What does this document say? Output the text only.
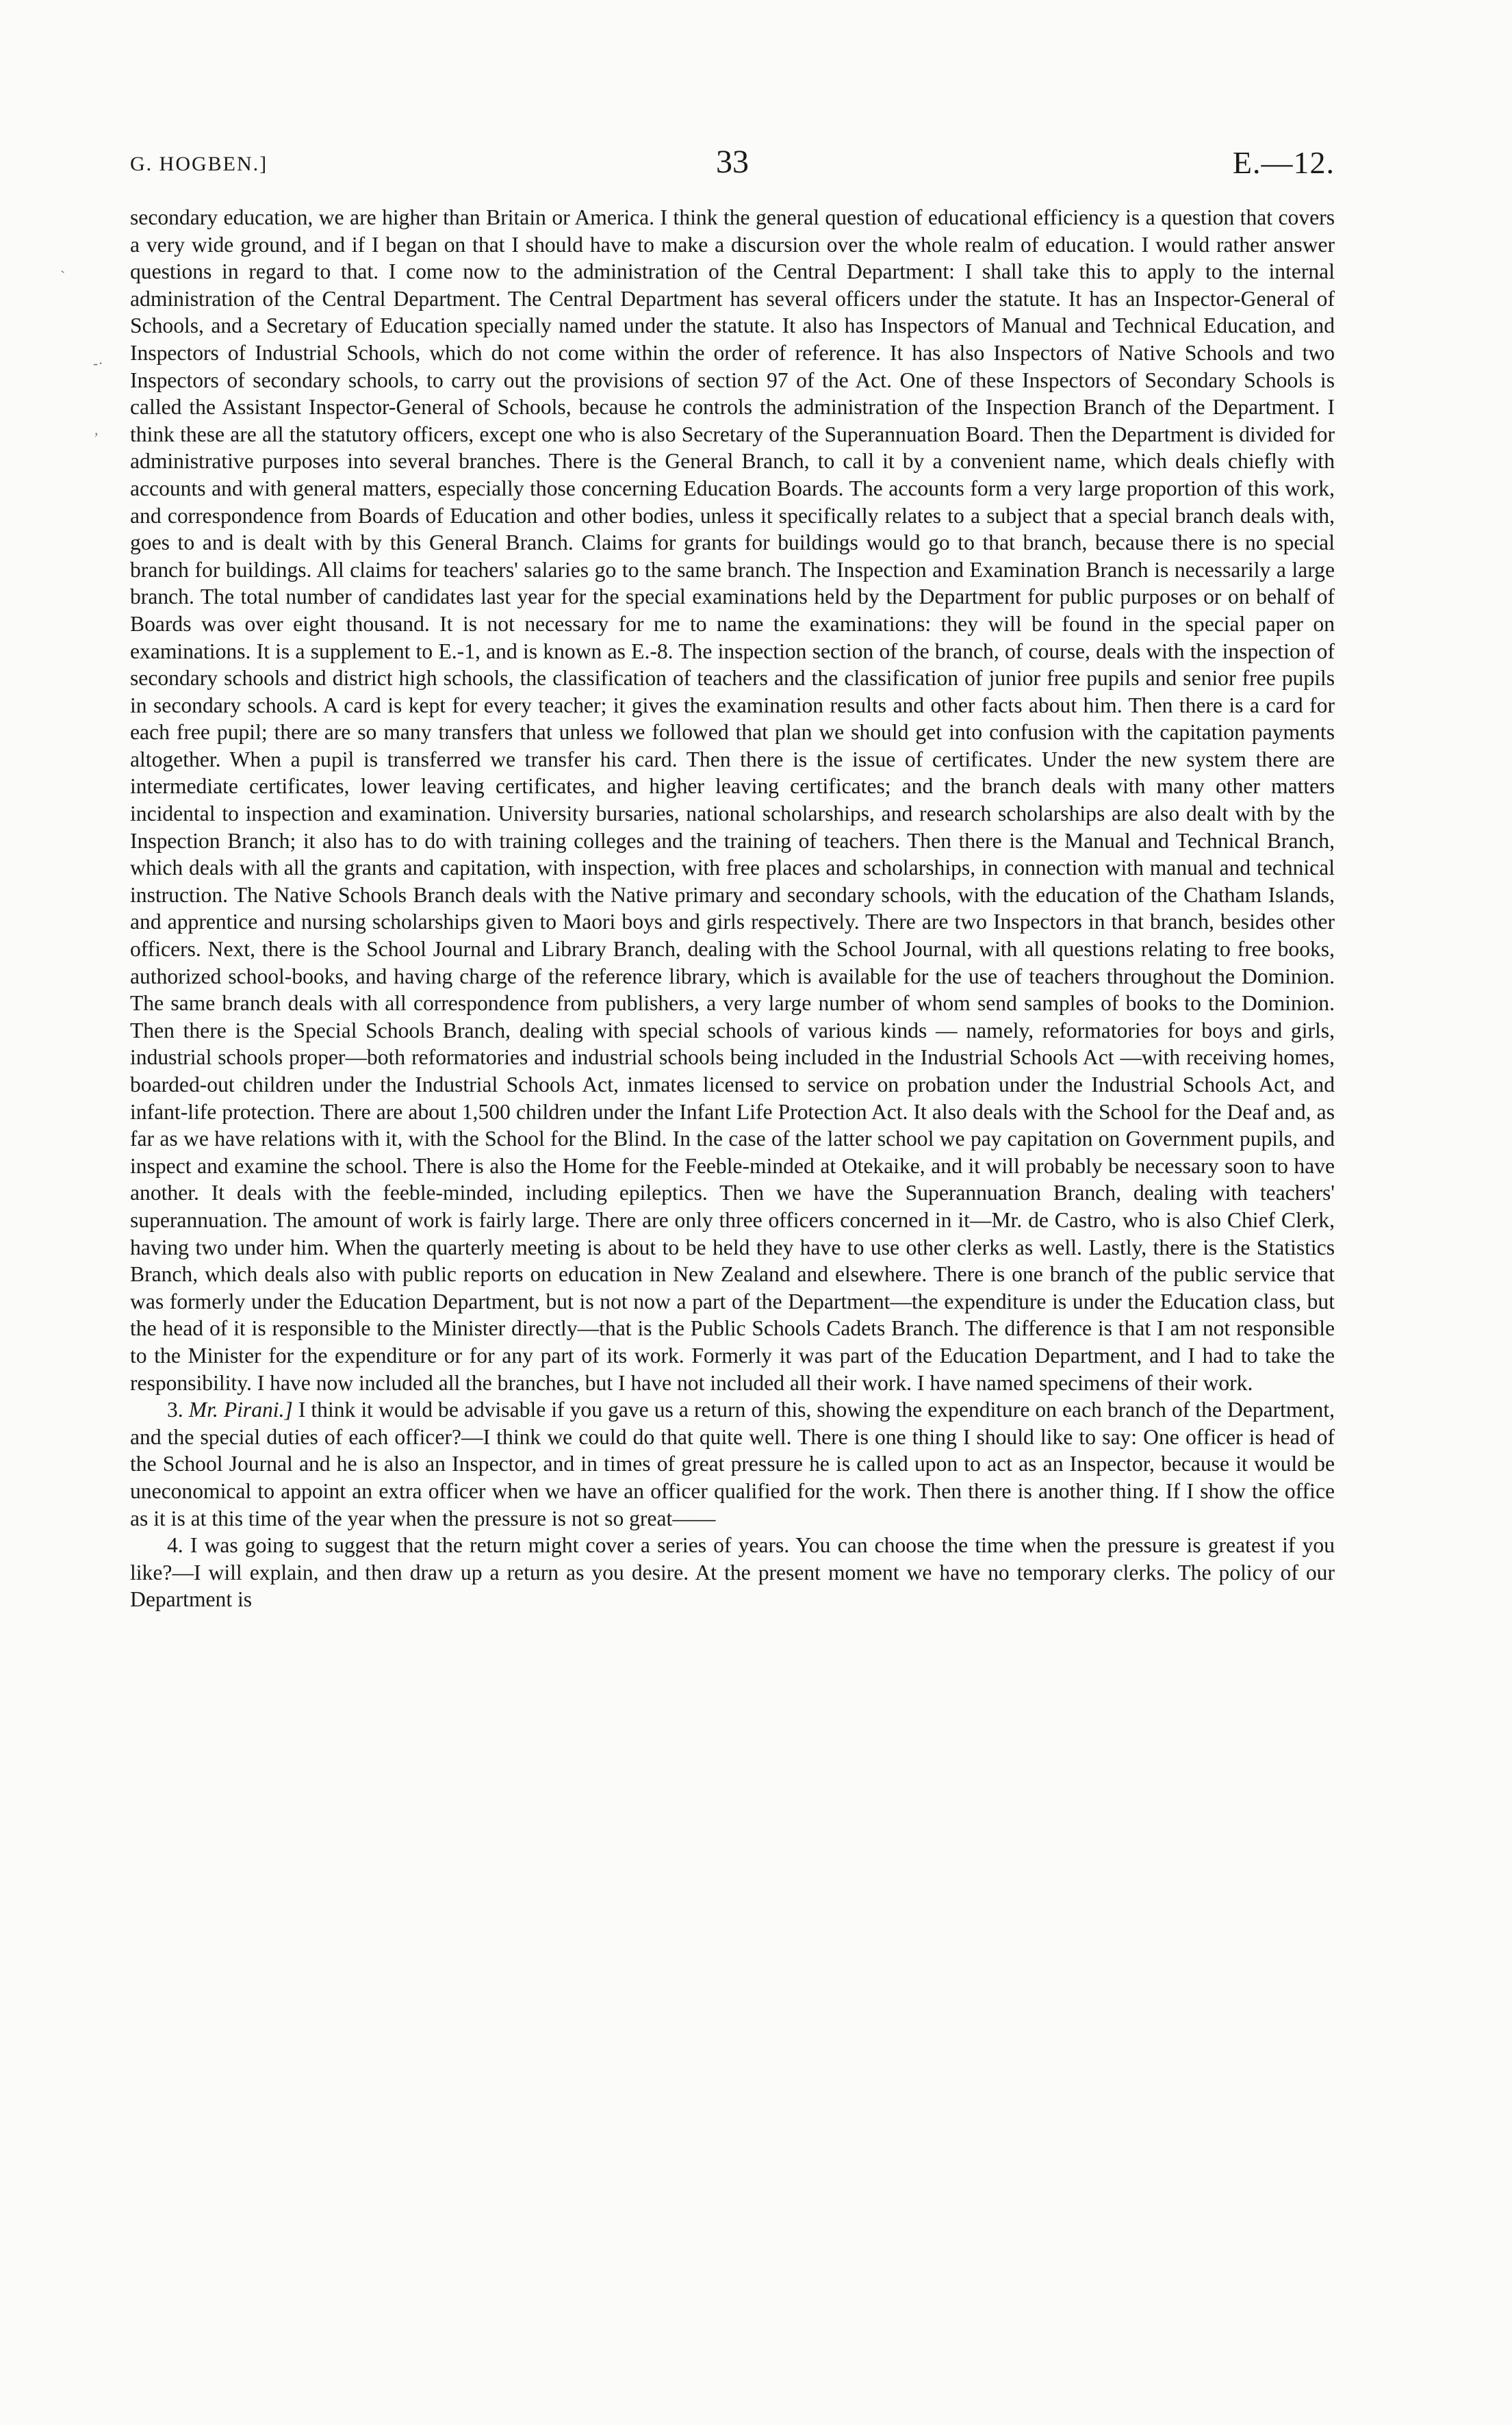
G. HOGBEN.]	33	E.—12.
ˏ
-·
,

secondary education, we are higher than Britain or America. I think the general question of educational efficiency is a question that covers a very wide ground, and if I began on that I should have to make a discursion over the whole realm of education. I would rather answer questions in regard to that. I come now to the administration of the Central Department: I shall take this to apply to the internal administration of the Central Department. The Central Department has several officers under the statute. It has an Inspector-General of Schools, and a Secretary of Education specially named under the statute. It also has Inspectors of Manual and Technical Education, and Inspectors of Industrial Schools, which do not come within the order of reference. It has also Inspectors of Native Schools and two Inspectors of secondary schools, to carry out the provisions of section 97 of the Act. One of these Inspectors of Secondary Schools is called the Assistant Inspector-General of Schools, because he controls the administration of the Inspection Branch of the Department. I think these are all the statutory officers, except one who is also Secretary of the Superannuation Board. Then the Department is divided for administrative purposes into several branches. There is the General Branch, to call it by a convenient name, which deals chiefly with accounts and with general matters, especially those concerning Education Boards. The accounts form a very large proportion of this work, and correspondence from Boards of Education and other bodies, unless it specifically relates to a subject that a special branch deals with, goes to and is dealt with by this General Branch. Claims for grants for buildings would go to that branch, because there is no special branch for buildings. All claims for teachers' salaries go to the same branch. The Inspection and Examination Branch is necessarily a large branch. The total number of candidates last year for the special examinations held by the Department for public purposes or on behalf of Boards was over eight thousand. It is not necessary for me to name the examinations: they will be found in the special paper on examinations. It is a supplement to E.-1, and is known as E.-8. The inspection section of the branch, of course, deals with the inspection of secondary schools and district high schools, the classification of teachers and the classification of junior free pupils and senior free pupils in secondary schools. A card is kept for every teacher; it gives the examination results and other facts about him. Then there is a card for each free pupil; there are so many transfers that unless we followed that plan we should get into confusion with the capitation payments altogether. When a pupil is transferred we transfer his card. Then there is the issue of certificates. Under the new system there are intermediate certificates, lower leaving certificates, and higher leaving certificates; and the branch deals with many other matters incidental to inspection and examination. University bursaries, national scholarships, and research scholarships are also dealt with by the Inspection Branch; it also has to do with training colleges and the training of teachers. Then there is the Manual and Technical Branch, which deals with all the grants and capitation, with inspection, with free places and scholarships, in connection with manual and technical instruction. The Native Schools Branch deals with the Native primary and secondary schools, with the education of the Chatham Islands, and apprentice and nursing scholarships given to Maori boys and girls respectively. There are two Inspectors in that branch, besides other officers. Next, there is the School Journal and Library Branch, dealing with the School Journal, with all questions relating to free books, authorized school-books, and having charge of the reference library, which is available for the use of teachers throughout the Dominion. The same branch deals with all correspondence from publishers, a very large number of whom send samples of books to the Dominion. Then there is the Special Schools Branch, dealing with special schools of various kinds — namely, reformatories for boys and girls, industrial schools proper—both reformatories and industrial schools being included in the Industrial Schools Act —with receiving homes, boarded-out children under the Industrial Schools Act, inmates licensed to service on probation under the Industrial Schools Act, and infant-life protection. There are about 1,500 children under the Infant Life Protection Act. It also deals with the School for the Deaf and, as far as we have relations with it, with the School for the Blind. In the case of the latter school we pay capitation on Government pupils, and inspect and examine the school. There is also the Home for the Feeble-minded at Otekaike, and it will probably be necessary soon to have another. It deals with the feeble-minded, including epileptics. Then we have the Superannuation Branch, dealing with teachers' superannuation. The amount of work is fairly large. There are only three officers concerned in it—Mr. de Castro, who is also Chief Clerk, having two under him. When the quarterly meeting is about to be held they have to use other clerks as well. Lastly, there is the Statistics Branch, which deals also with public reports on education in New Zealand and elsewhere. There is one branch of the public service that was formerly under the Education Department, but is not now a part of the Department—the expenditure is under the Education class, but the head of it is responsible to the Minister directly—that is the Public Schools Cadets Branch. The difference is that I am not responsible to the Minister for the expenditure or for any part of its work. Formerly it was part of the Education Department, and I had to take the responsibility. I have now included all the branches, but I have not included all their work. I have named specimens of their work.

3. Mr. Pirani.] I think it would be advisable if you gave us a return of this, showing the expenditure on each branch of the Department, and the special duties of each officer?—I think we could do that quite well. There is one thing I should like to say: One officer is head of the School Journal and he is also an Inspector, and in times of great pressure he is called upon to act as an Inspector, because it would be uneconomical to appoint an extra officer when we have an officer qualified for the work. Then there is another thing. If I show the office as it is at this time of the year when the pressure is not so great——

4. I was going to suggest that the return might cover a series of years. You can choose the time when the pressure is greatest if you like?—I will explain, and then draw up a return as you desire. At the present moment we have no temporary clerks. The policy of our Department is
